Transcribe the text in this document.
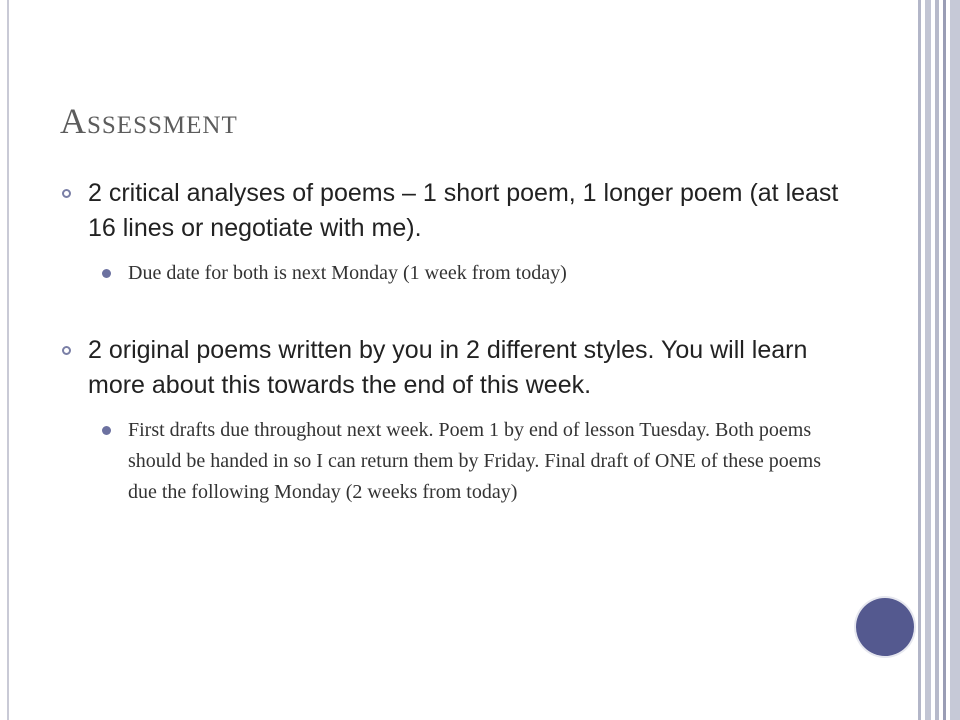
Assessment
2 critical analyses of poems – 1 short poem, 1 longer poem (at least 16 lines or negotiate with me).
Due date for both is next Monday (1 week from today)
2 original poems written by you in 2 different styles. You will learn more about this towards the end of this week.
First drafts due throughout next week. Poem 1 by end of lesson Tuesday. Both poems should be handed in so I can return them by Friday. Final draft of ONE of these poems due the following Monday (2 weeks from today)
